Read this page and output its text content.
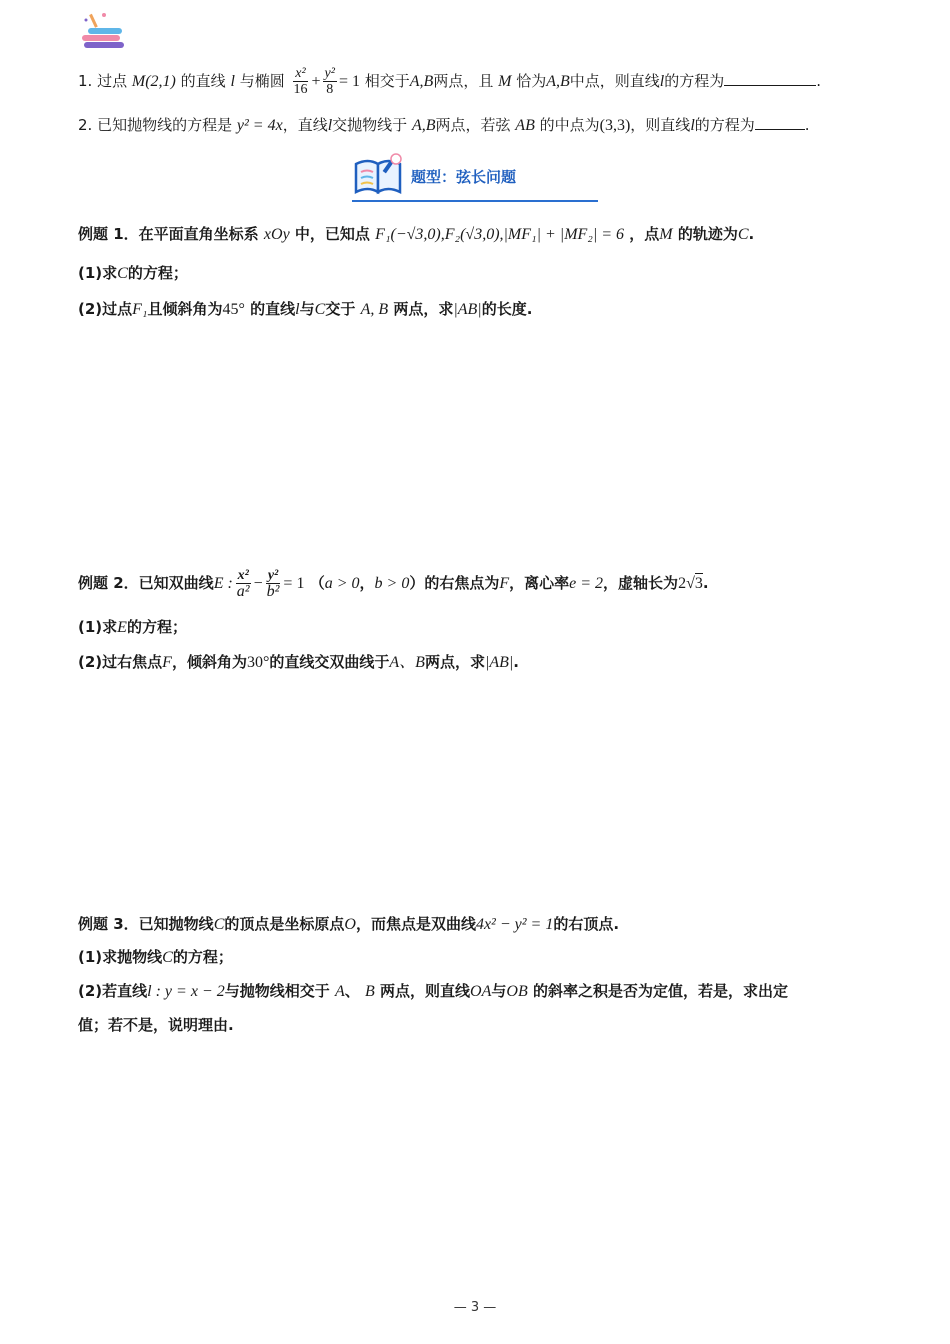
1. 过点 M(2,1) 的直线 l 与椭圆 $\frac{\text{x²}}{16} + \frac{\text{y²}}{8} = 1$ 相交于A,B两点，且 M 恰为A,B中点，则直线l的方程为	.
2. 已知抛物线的方程是 y² = 4x，直线l交抛物线于 A,B两点，若弦 AB 的中点为(3,3)，则直线l的方程为	.
题型：弦长问题
例题 1．在平面直角坐标系 xOy 中，已知点 F₁(−√3,0),F₂(√3,0),|MF₁| + |MF₂| = 6 ，点M 的轨迹为C.
(1)求C的方程；
(2)过点F₁且倾斜角为45° 的直线l与C交于 A, B 两点，求|AB|的长度.
例题 2．已知双曲线E : $\frac{\text{x²}}{\text{a²}} - \frac{\text{y²}}{\text{b²}} = 1$ （a > 0，b > 0）的右焦点为F，离心率e = 2，虚轴长为2√3.
(1)求E的方程；
(2)过右焦点F，倾斜角为30°的直线交双曲线于A、B两点，求|AB|.
例题 3．已知抛物线C的顶点是坐标原点O，而焦点是双曲线4x² − y² = 1的右顶点.
(1)求抛物线C的方程；
(2)若直线l : y = x − 2与抛物线相交于 A、 B 两点，则直线OA与OB 的斜率之积是否为定值，若是，求出定
值；若不是，说明理由.
— 3 —
